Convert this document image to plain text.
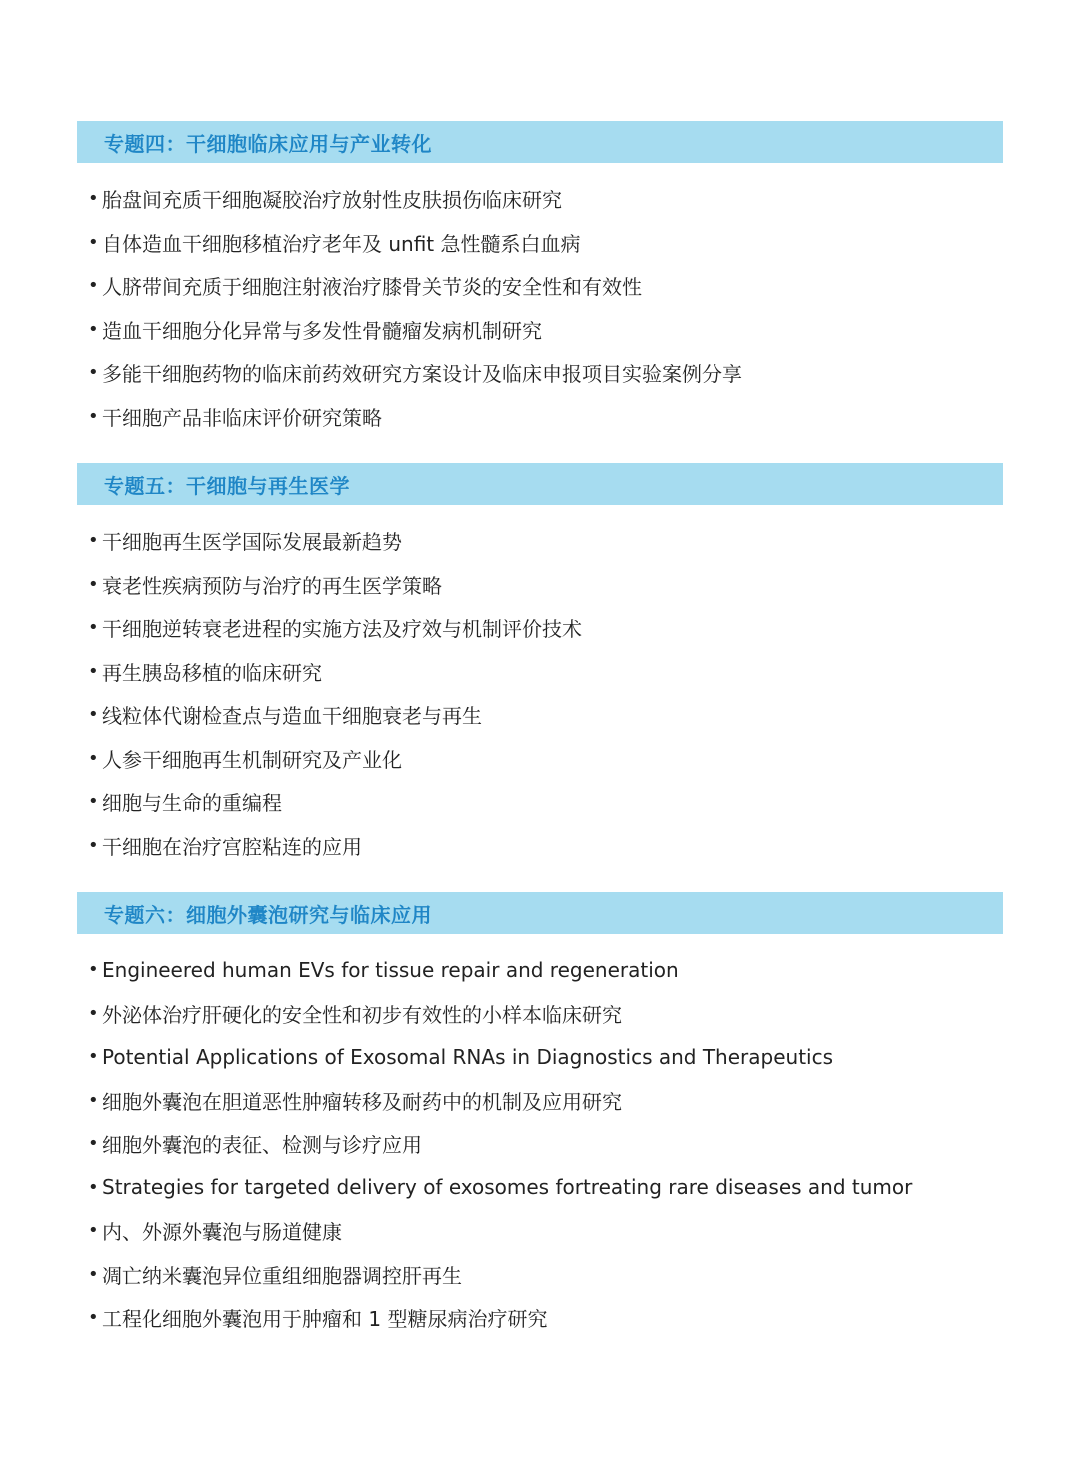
专题四：干细胞临床应用与产业转化
• 胎盘间充质干细胞凝胶治疗放射性皮肤损伤临床研究
• 自体造血干细胞移植治疗老年及 unfit 急性髓系白血病
• 人脐带间充质于细胞注射液治疗膝骨关节炎的安全性和有效性
• 造血干细胞分化异常与多发性骨髓瘤发病机制研究
• 多能干细胞药物的临床前药效研究方案设计及临床申报项目实验案例分享
• 干细胞产品非临床评价研究策略
专题五：干细胞与再生医学
• 干细胞再生医学国际发展最新趋势
• 衰老性疾病预防与治疗的再生医学策略
• 干细胞逆转衰老进程的实施方法及疗效与机制评价技术
• 再生胰岛移植的临床研究
• 线粒体代谢检查点与造血干细胞衰老与再生
• 人参干细胞再生机制研究及产业化
• 细胞与生命的重编程
• 干细胞在治疗宫腔粘连的应用
专题六：细胞外囊泡研究与临床应用
• Engineered human EVs for tissue repair and regeneration
• 外泌体治疗肝硬化的安全性和初步有效性的小样本临床研究
• Potential Applications of Exosomal RNAs in Diagnostics and Therapeutics
• 细胞外囊泡在胆道恶性肿瘤转移及耐药中的机制及应用研究
• 细胞外囊泡的表征、检测与诊疗应用
• Strategies for targeted delivery of exosomes fortreating rare diseases and tumor
• 内、外源外囊泡与肠道健康
• 凋亡纳米囊泡异位重组细胞器调控肝再生
• 工程化细胞外囊泡用于肿瘤和 1 型糖尿病治疗研究
